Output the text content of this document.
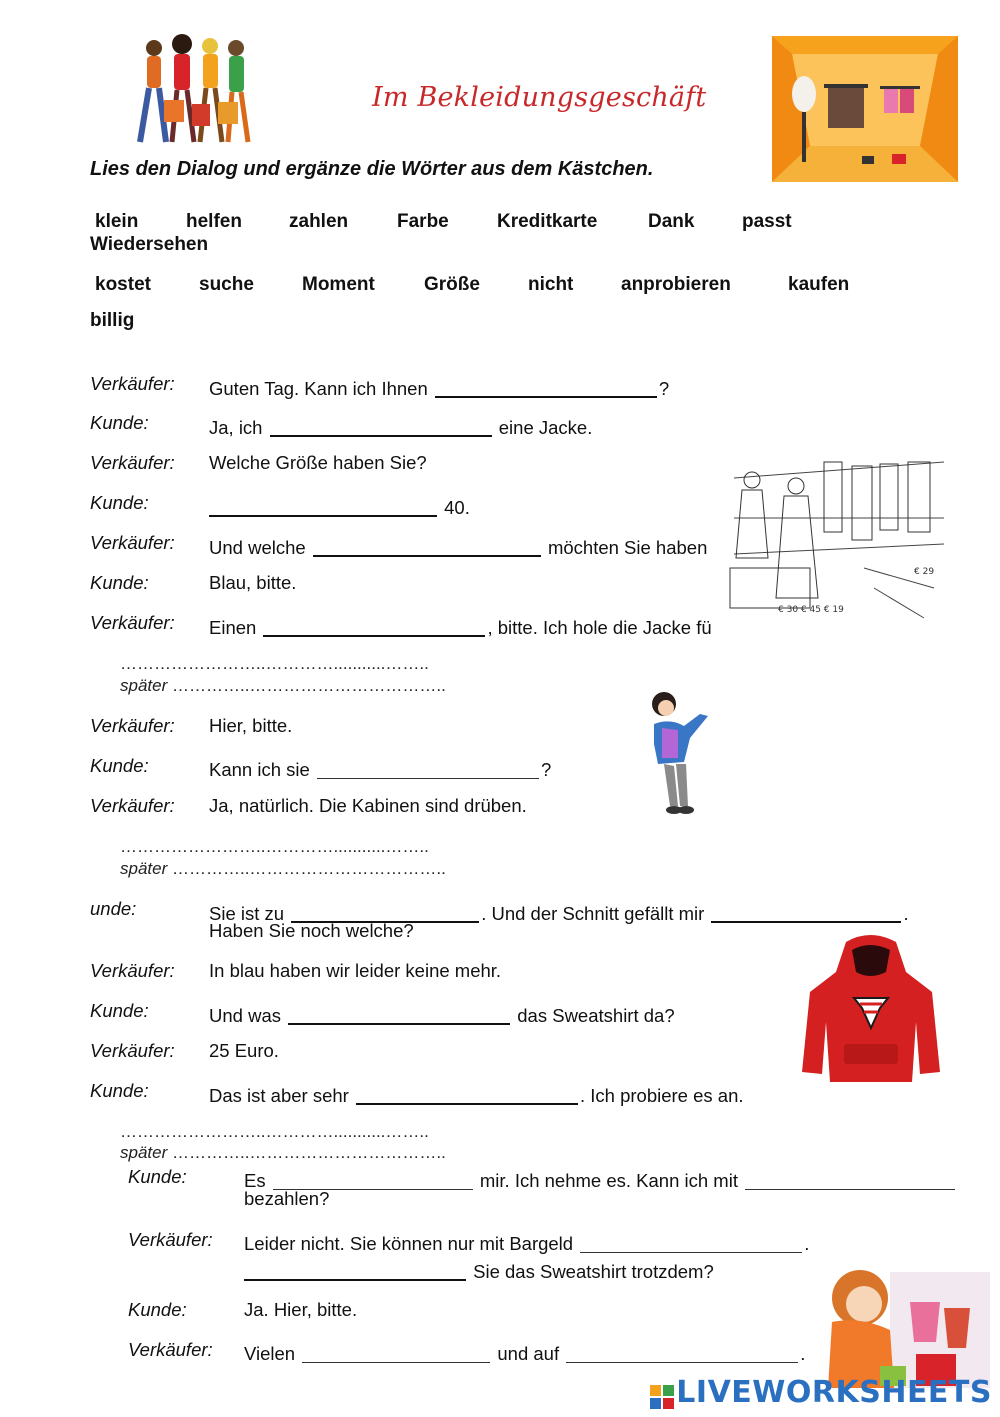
Im Bekleidungsgeschäft
Lies den Dialog und ergänze die Wörter aus dem Kästchen.
klein	helfen zahlen	Farbe	Kreditkarte	Dank	passt
Wiedersehen
kostet	suche	Moment	Größe	nicht	anprobieren	kaufen
billig
€ 30 € 45 € 19
€ 29
Verkäufer: Guten Tag. Kann ich Ihnen	?
Kunde:	Ja, ich	eine Jacke.
Verkäufer: Welche Größe haben Sie?
Kunde:	40.
Verkäufer: Und welche	möchten Sie haben
Kunde:	Blau, bitte.
Verkäufer: Einen	, bitte. Ich hole die Jacke fü
……………………..…………...........……..
später …………..……………………………..
Verkäufer: Hier, bitte.
Kunde:	Kann ich sie	?
Verkäufer: Ja, natürlich. Die Kabinen sind drüben.
……………………..…………...........……..
später …………..……………………………..
unde:	Sie ist zu	. Und der Schnitt gefällt mir	.
Haben Sie noch welche?
Verkäufer: In blau haben wir leider keine mehr.
Kunde:	Und was	das Sweatshirt da?
Verkäufer: 25 Euro.
Kunde:	Das ist aber sehr	. Ich probiere es an.
……………………..…………...........……..
später …………..……………………………..
Kunde:	Es	mir. Ich nehme es. Kann ich mit
bezahlen?
Verkäufer: Leider nicht. Sie können nur mit Bargeld	.
Sie das Sweatshirt trotzdem?
Kunde:	Ja. Hier, bitte.
Verkäufer: Vielen	und auf	.
LIVEWORKSHEETS
